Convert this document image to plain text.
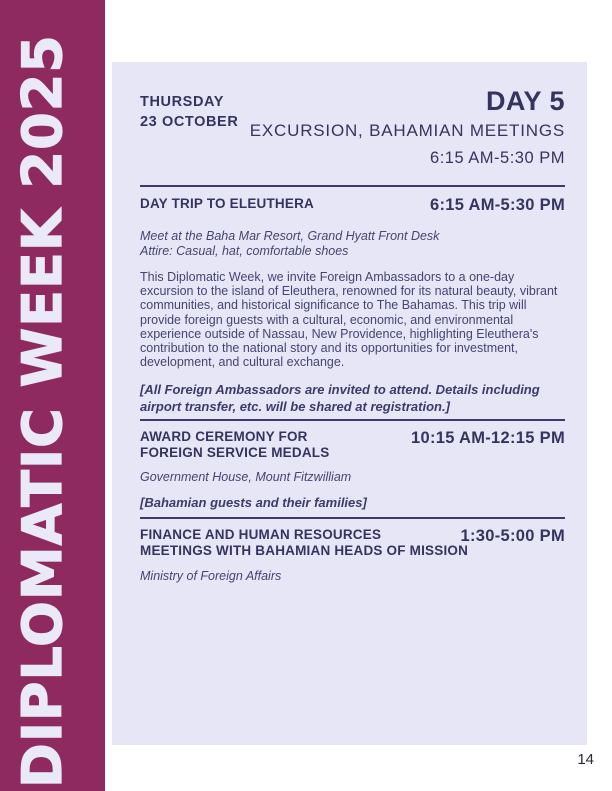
DIPLOMATIC WEEK 2025	THURSDAY
23 OCTOBER
DAY 5
EXCURSION, BAHAMIAN MEETINGS
6:15 AM-5:30 PM
DAY TRIP TO ELEUTHERA	6:15 AM-5:30 PM
Meet at the Baha Mar Resort, Grand Hyatt Front Desk
Attire: Casual, hat, comfortable shoes

This Diplomatic Week, we invite Foreign Ambassadors to a one-day excursion to the island of Eleuthera, renowned for its natural beauty, vibrant communities, and historical significance to The Bahamas. This trip will provide foreign guests with a cultural, economic, and environmental experience outside of Nassau, New Providence, highlighting Eleuthera's contribution to the national story and its opportunities for investment, development, and cultural exchange.

[All Foreign Ambassadors are invited to attend. Details including airport transfer, etc. will be shared at registration.]

AWARD CEREMONY FOR
FOREIGN SERVICE MEDALS
10:15 AM-12:15 PM
Government House, Mount Fitzwilliam

[Bahamian guests and their families]

FINANCE AND HUMAN RESOURCES
MEETINGS WITH BAHAMIAN HEADS OF MISSION
1:30-5:00 PM
Ministry of Foreign Affairs
14
